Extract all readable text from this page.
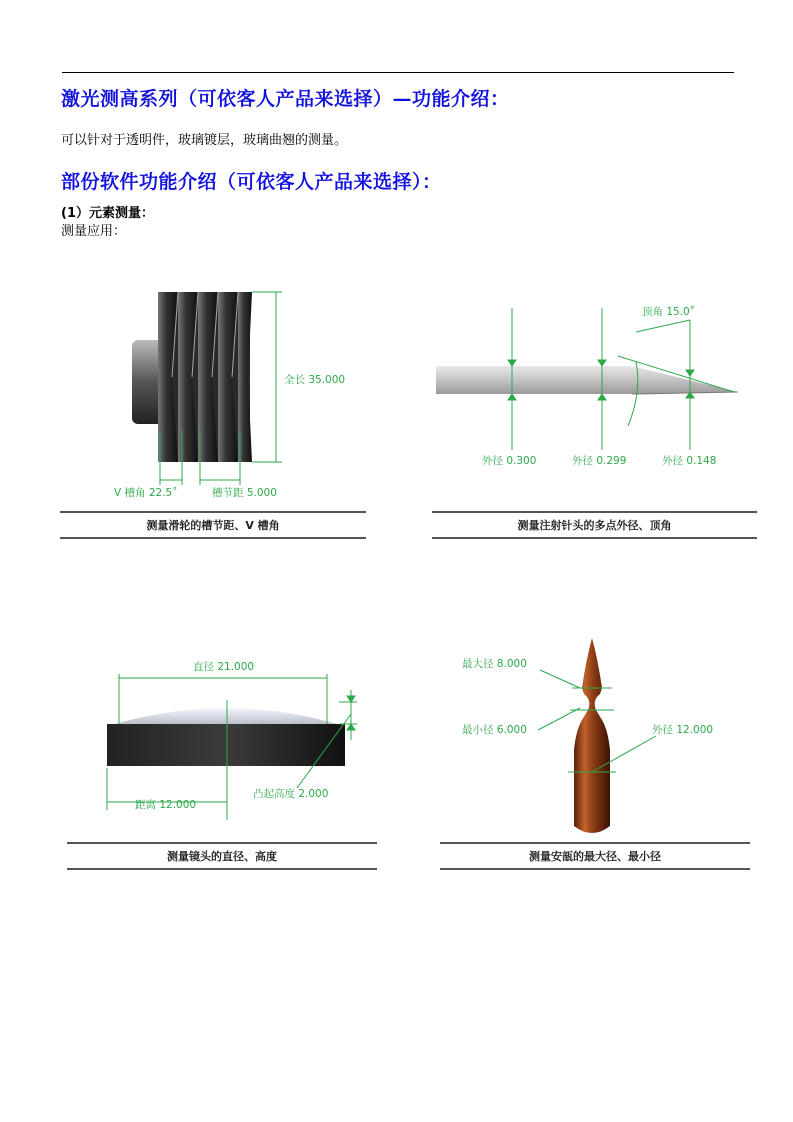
激光测高系列（可依客人产品来选择）—功能介绍：
可以针对于透明件，玻璃镀层，玻璃曲翘的测量。
部份软件功能介绍（可依客人产品来选择）：
(1）元素测量：
测量应用：
全长 35.000
V 槽角 22.5˚	槽节距 5.000
测量滑轮的槽节距、V 槽角
顶角 15.0˚
外径 0.300	外径 0.299	外径 0.148
测量注射针头的多点外径、顶角
直径 21.000
距离 12.000
凸起高度 2.000
测量镜头的直径、高度
最大径 8.000
最小径 6.000	外径 12.000
测量安瓿的最大径、最小径
